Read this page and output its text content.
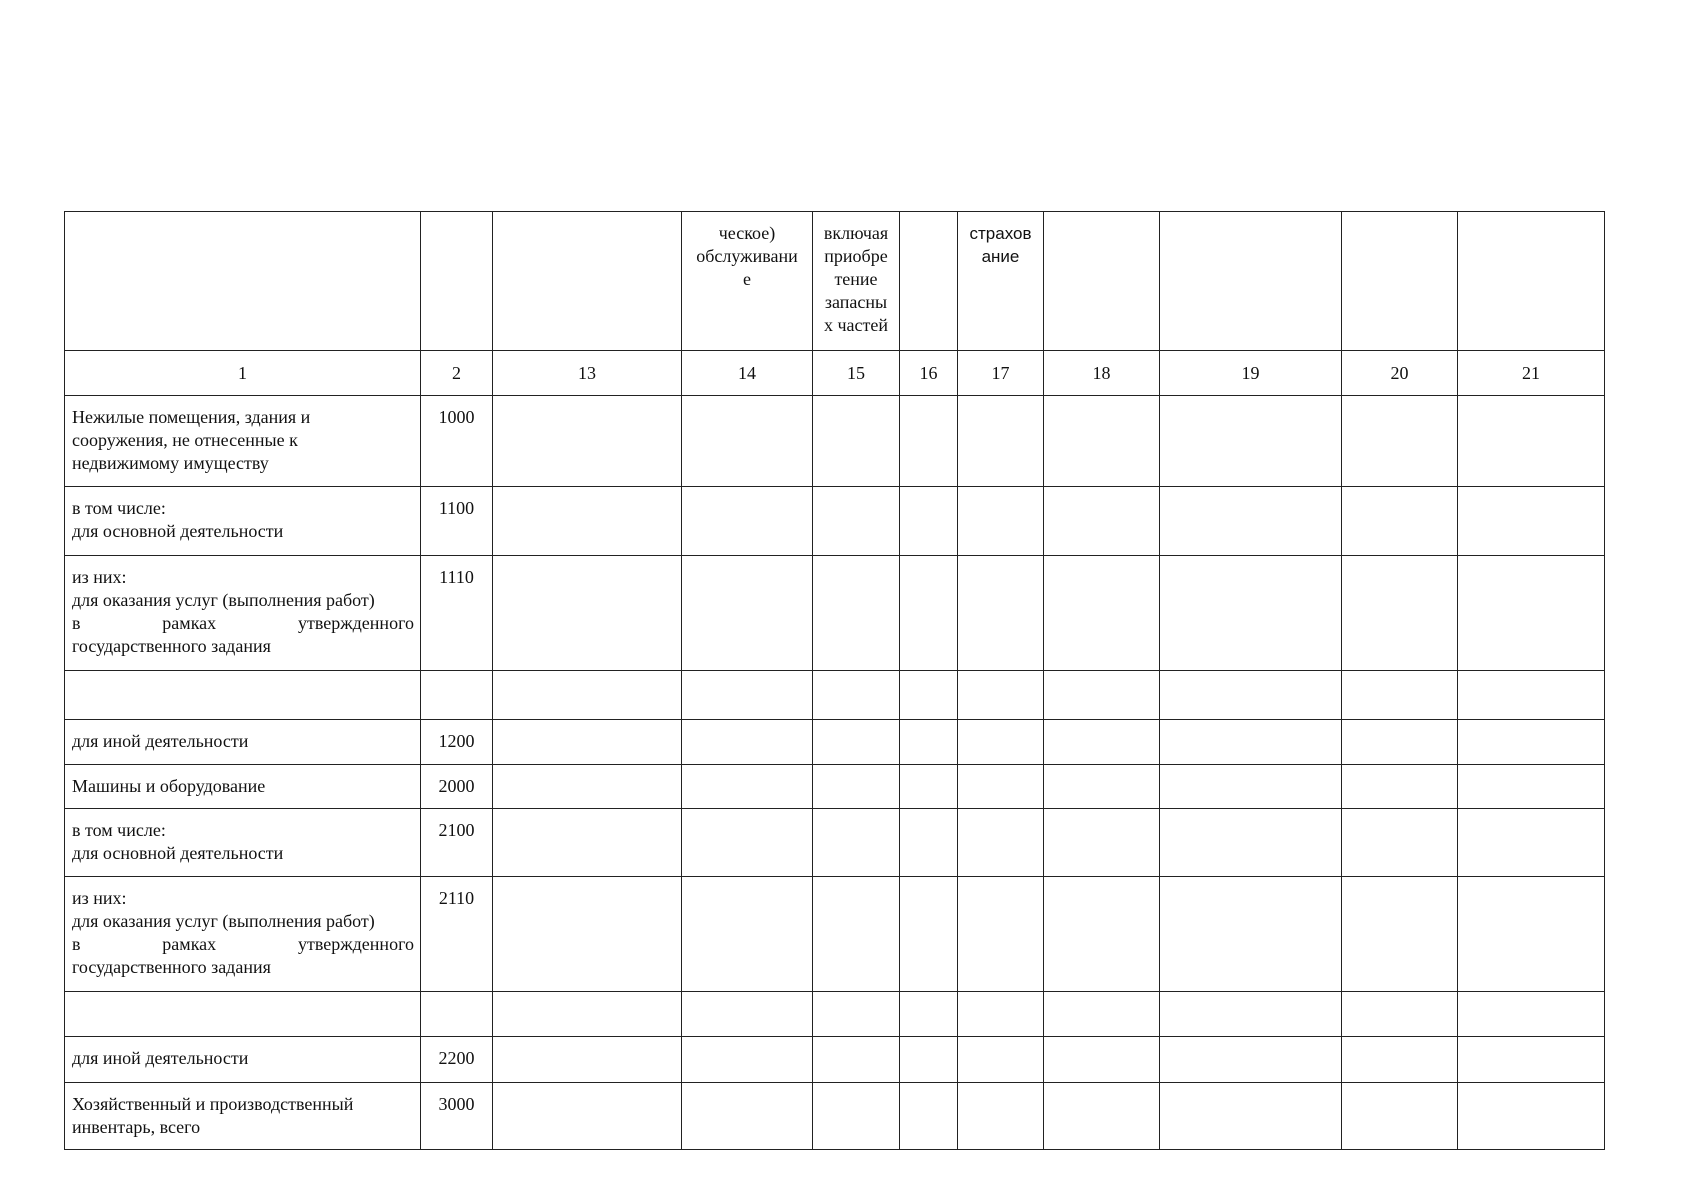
			ческое)
обслуживани
е	включая
приобре
тение
запасны
х частей		страхов
ание				

1	2	13	14	15	16	17	18	19	20	21

Нежилые помещения, здания и
сооружения, не отнесенные к
недвижимому имуществу	1000									

в том числе:
для основной деятельности	1100									

из них:
для оказания услуг (выполнения работ)
в рамках утвержденного
государственного задания	1110									

для иной деятельности	1200									

Машины и оборудование	2000									

в том числе:
для основной деятельности	2100									

из них:
для оказания услуг (выполнения работ)
в рамках утвержденного
государственного задания	2110									

для иной деятельности	2200									

Хозяйственный и производственный
инвентарь, всего	3000									
